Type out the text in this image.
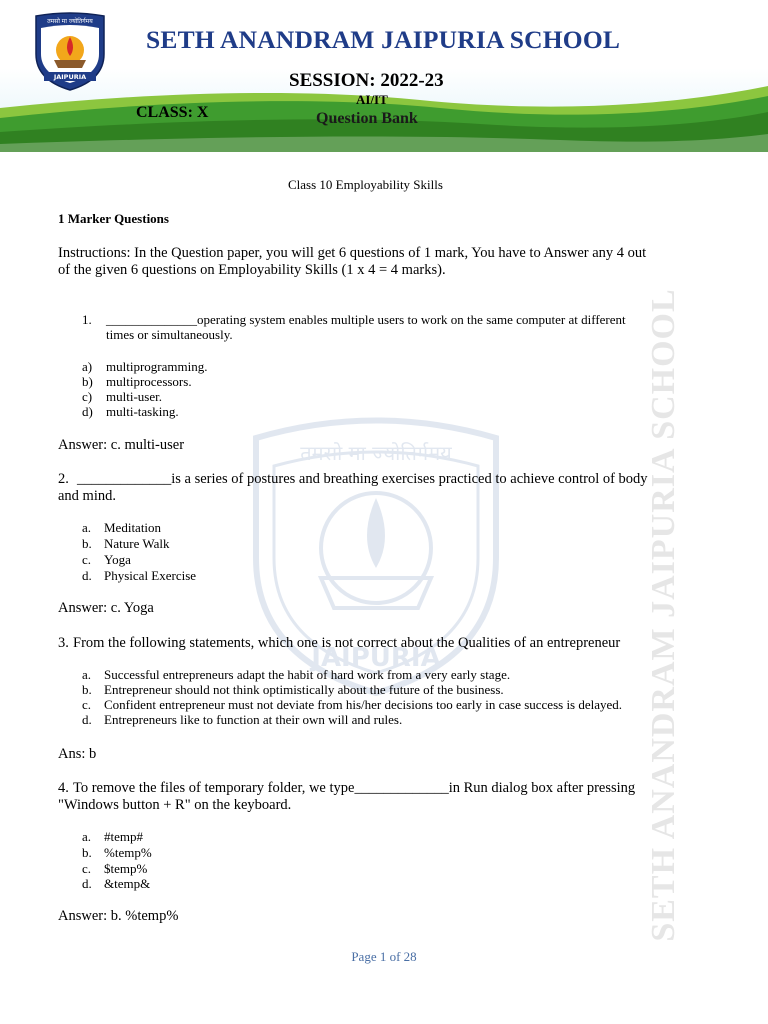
तमसो मा ज्योतिर्गमय
JAIPURIA
SETH ANANDRAM JAIPURIA SCHOOL
SESSION: 2022-23
AI/IT
CLASS: X	Question Bank
तमसो मा ज्योतिर्गमय
JAIPURIA	SETH ANANDRAM JAIPURIA SCHOOL
Class 10 Employability Skills
1 Marker Questions
Instructions: In the Question paper, you will get 6 questions of 1 mark, You have to Answer any 4 out
of the given 6 questions on Employability Skills (1 x 4 = 4 marks).
1. ______________operating system enables multiple users to work on the same computer at different
times or simultaneously.
a) multiprogramming.
b) multiprocessors.
c) multi-user.
d) multi-tasking.
Answer: c. multi-user
2. _____________is a series of postures and breathing exercises practiced to achieve control of body
and mind.
a. Meditation
b. Nature Walk
c. Yoga
d. Physical Exercise
Answer: c. Yoga
3. From the following statements, which one is not correct about the Qualities of an entrepreneur
a. Successful entrepreneurs adapt the habit of hard work from a very early stage.
b. Entrepreneur should not think optimistically about the future of the business.
c. Confident entrepreneur must not deviate from his/her decisions too early in case success is delayed.
d. Entrepreneurs like to function at their own will and rules.
Ans: b
4. To remove the files of temporary folder, we type_____________in Run dialog box after pressing
"Windows button + R" on the keyboard.
a. #temp#
b. %temp%
c. $temp%
d. &temp&
Answer: b. %temp%
Page 1 of 28
